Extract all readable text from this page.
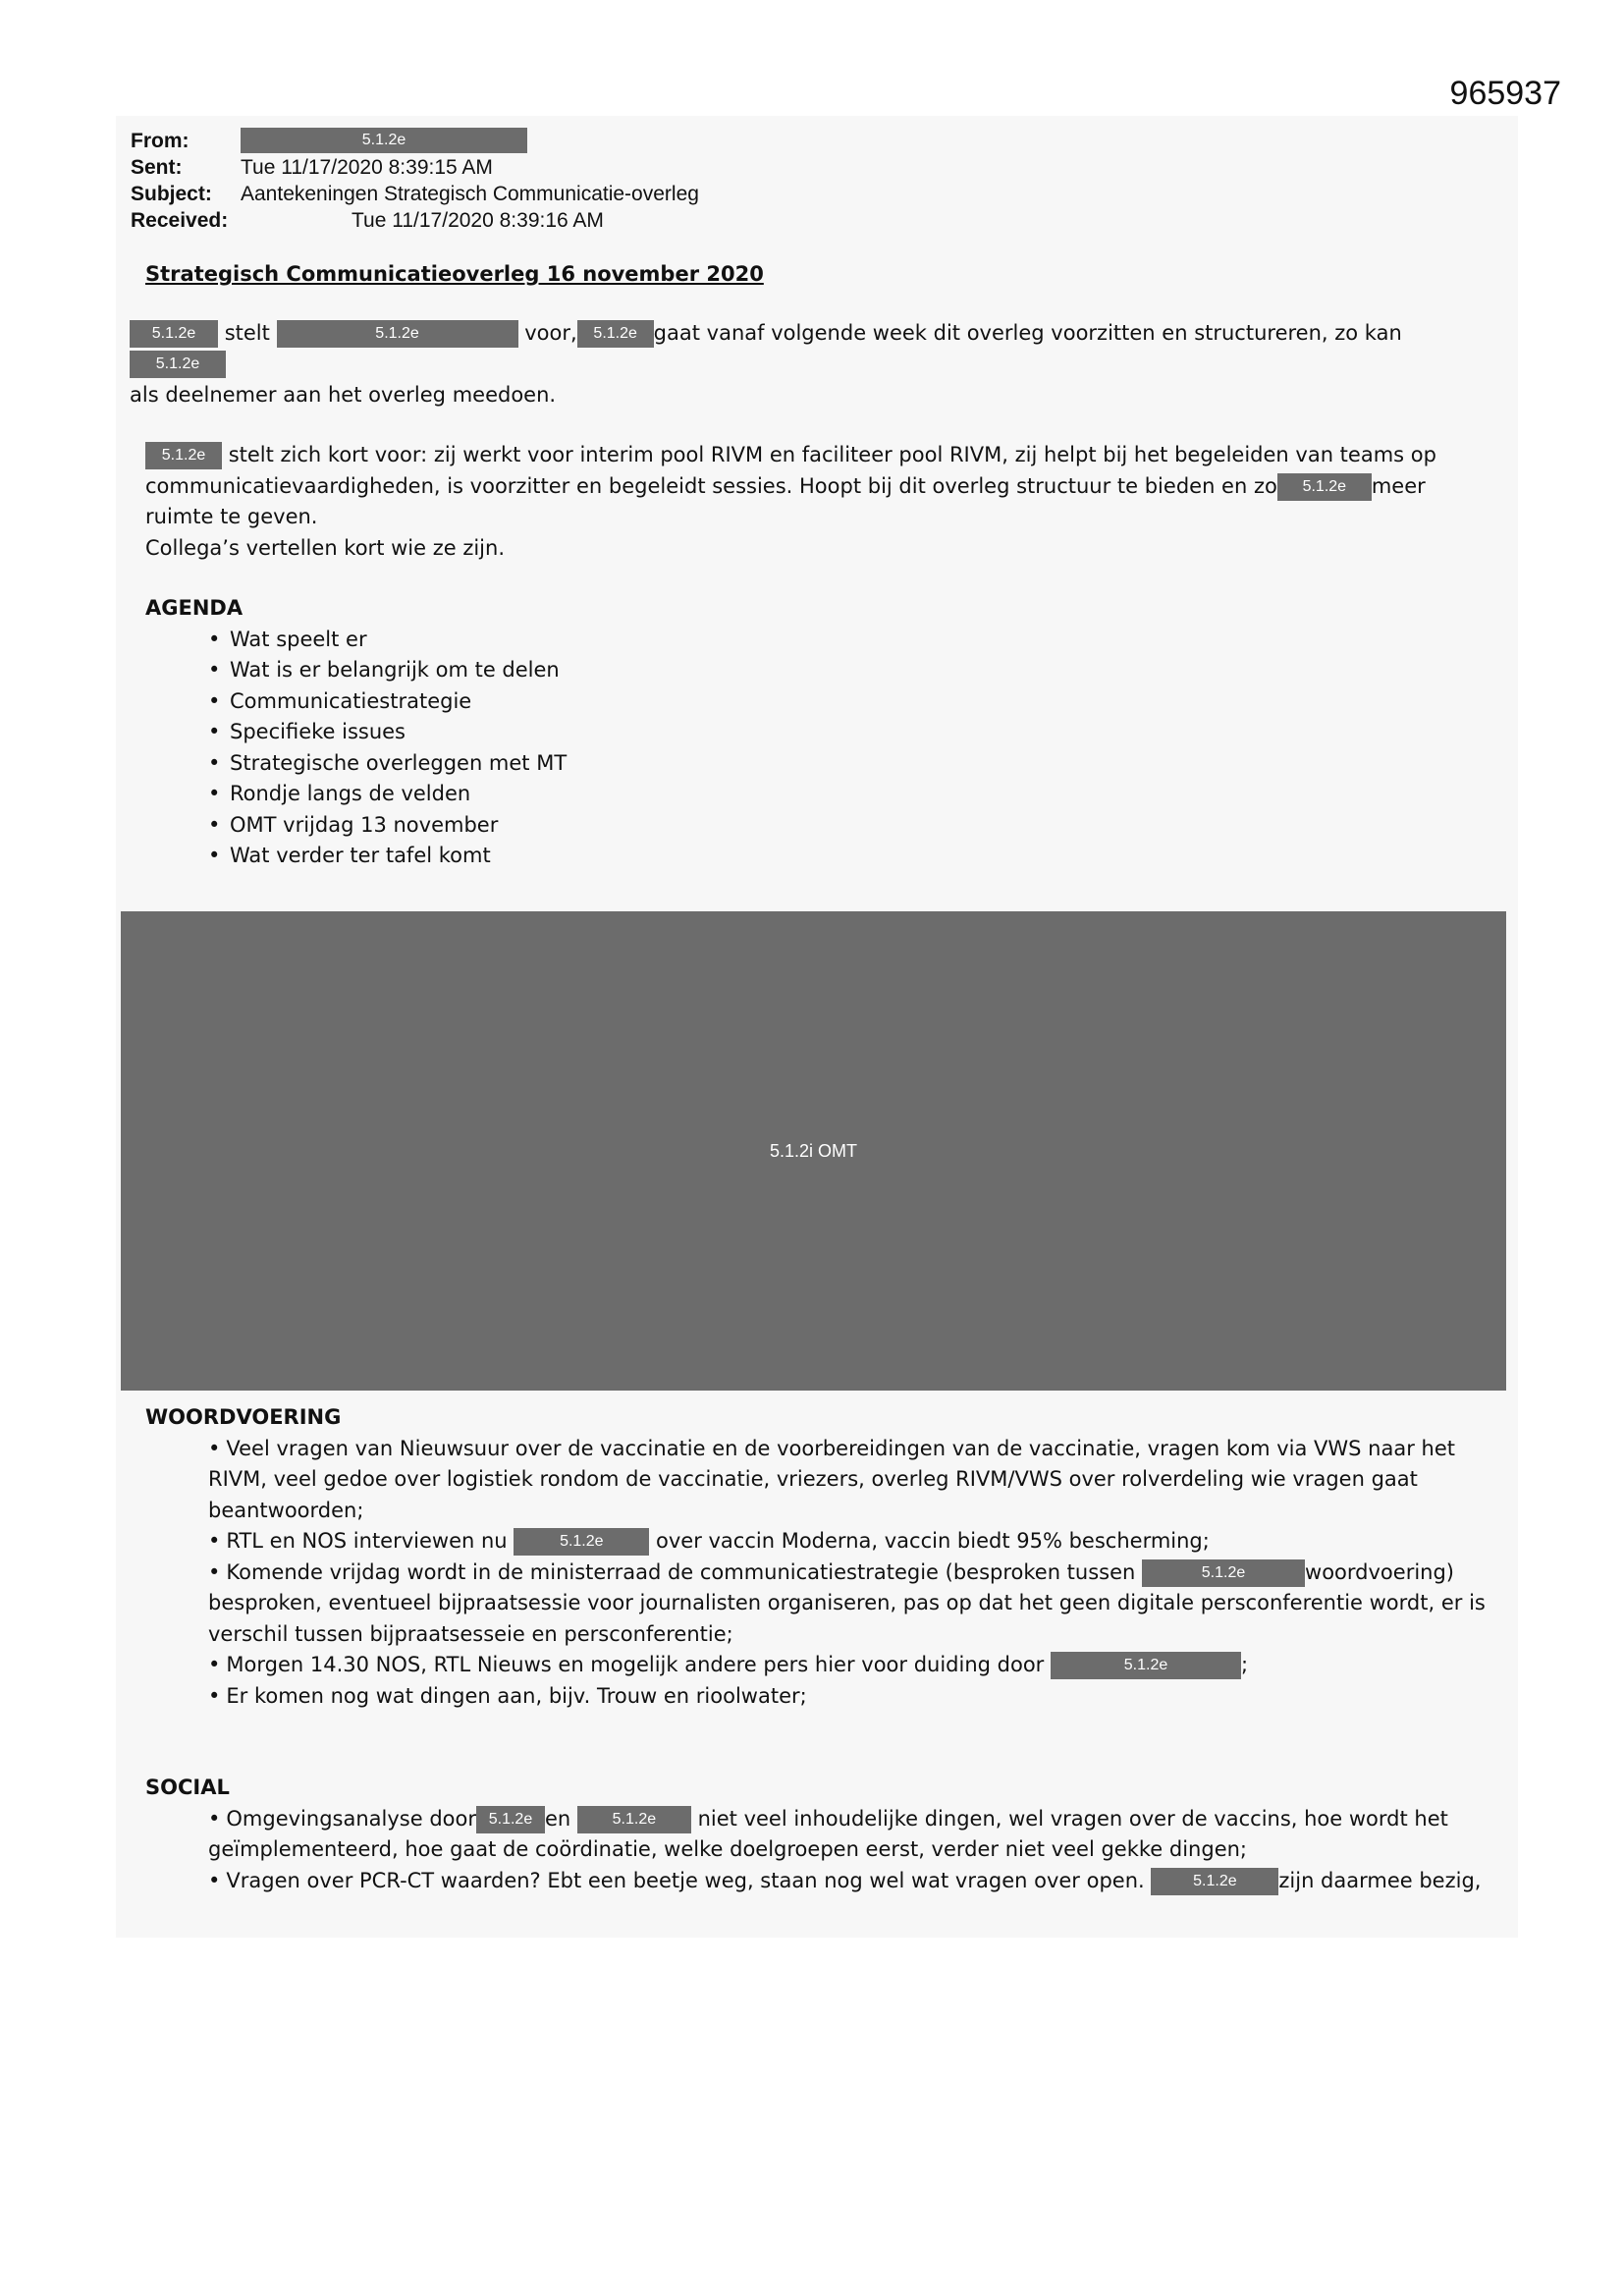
965937
From:	5.1.2e
Sent:	Tue 11/17/2020 8:39:15 AM
Subject:	Aantekeningen Strategisch Communicatie-overleg
Received:	Tue 11/17/2020 8:39:16 AM
Strategisch Communicatieoverleg 16 november 2020

5.1.2e stelt	5.1.2e	voor, 5.1.2e gaat vanaf volgende week dit overleg voorzitten en structureren, zo kan 5.1.2e
als deelnemer aan het overleg meedoen.

5.1.2e stelt zich kort voor: zij werkt voor interim pool RIVM en faciliteer pool RIVM, zij helpt bij het begeleiden van teams op communicatievaardigheden, is voorzitter en begeleidt sessies. Hoopt bij dit overleg structuur te bieden en zo 5.1.2e meer ruimte te geven.
Collega’s vertellen kort wie ze zijn.

AGENDA
• Wat speelt er
• Wat is er belangrijk om te delen
• Communicatiestrategie
• Specifieke issues
• Strategische overleggen met MT
• Rondje langs de velden
• OMT vrijdag 13 november
• Wat verder ter tafel komt
5.1.2i OMT
WOORDVOERING
• Veel vragen van Nieuwsuur over de vaccinatie en de voorbereidingen van de vaccinatie, vragen kom via VWS naar het RIVM, veel gedoe over logistiek rondom de vaccinatie, vriezers, overleg RIVM/VWS over rolverdeling wie vragen gaat beantwoorden;
• RTL en NOS interviewen nu	5.1.2e	over vaccin Moderna, vaccin biedt 95% bescherming;
• Komende vrijdag wordt in de ministerraad de communicatiestrategie (besproken tussen	5.1.2e	woordvoering) besproken, eventueel bijpraatsessie voor journalisten organiseren, pas op dat het geen digitale persconferentie wordt, er is verschil tussen bijpraatsesseie en persconferentie;
• Morgen 14.30 NOS, RTL Nieuws en mogelijk andere pers hier voor duiding door	5.1.2e	;
• Er komen nog wat dingen aan, bijv. Trouw en rioolwater;
SOCIAL
• Omgevingsanalyse door 5.1.2e en	5.1.2e niet veel inhoudelijke dingen, wel vragen over de vaccins, hoe wordt het geïmplementeerd, hoe gaat de coördinatie, welke doelgroepen eerst, verder niet veel gekke dingen;
• Vragen over PCR-CT waarden? Ebt een beetje weg, staan nog wel wat vragen over open.	5.1.2e zijn daarmee bezig,
